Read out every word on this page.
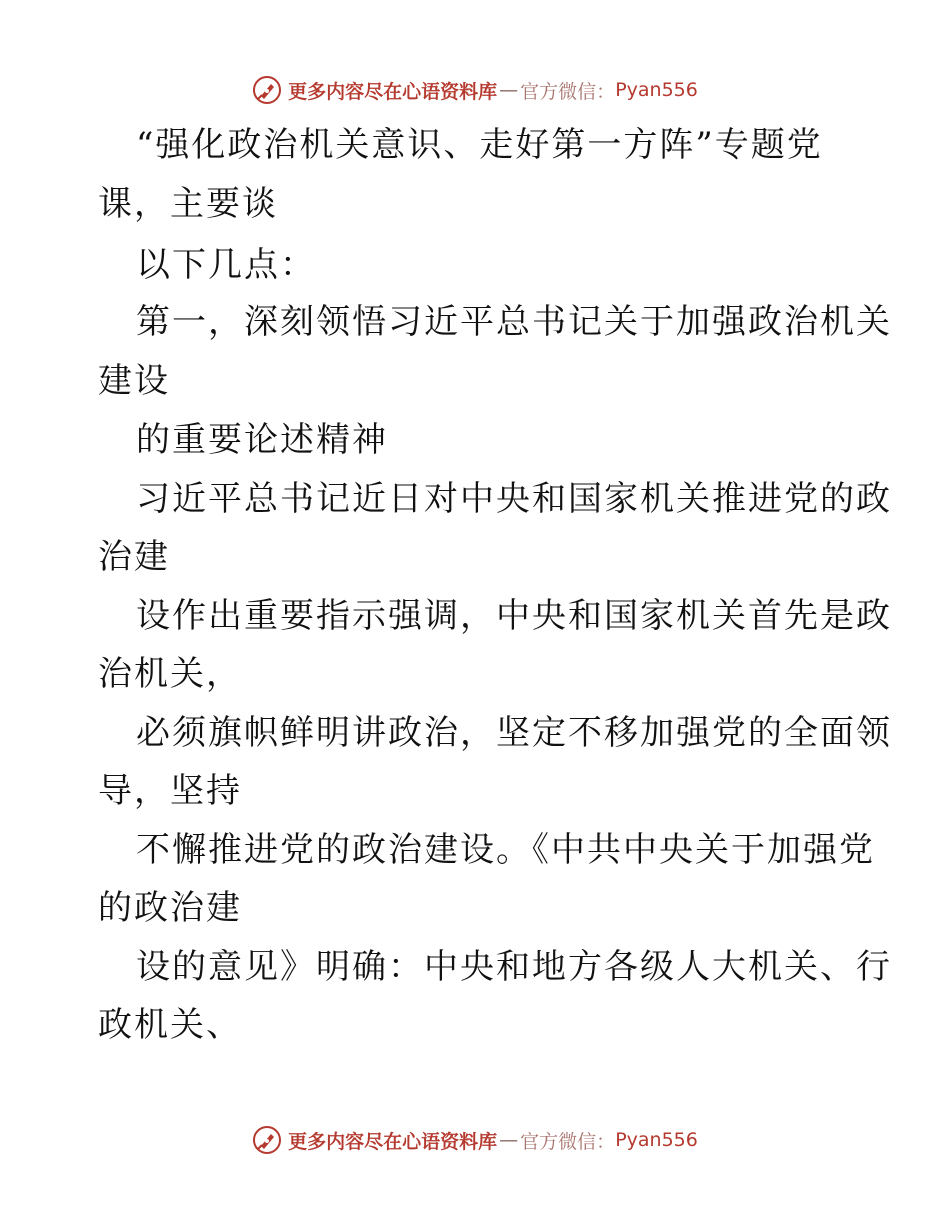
更多内容尽在心语资料库 — 官方微信： Pyan556
“强化政治机关意识、走好第一方阵”专题党
课，主要谈
以下几点：
第一，深刻领悟习近平总书记关于加强政治机关
建设
的重要论述精神
习近平总书记近日对中央和国家机关推进党的政
治建
设作出重要指示强调，中央和国家机关首先是政
治机关，
必须旗帜鲜明讲政治，坚定不移加强党的全面领
导，坚持
不懈推进党的政治建设。《中共中央关于加强党
的政治建
设的意见》明确：中央和地方各级人大机关、行
政机关、
更多内容尽在心语资料库 — 官方微信： Pyan556
